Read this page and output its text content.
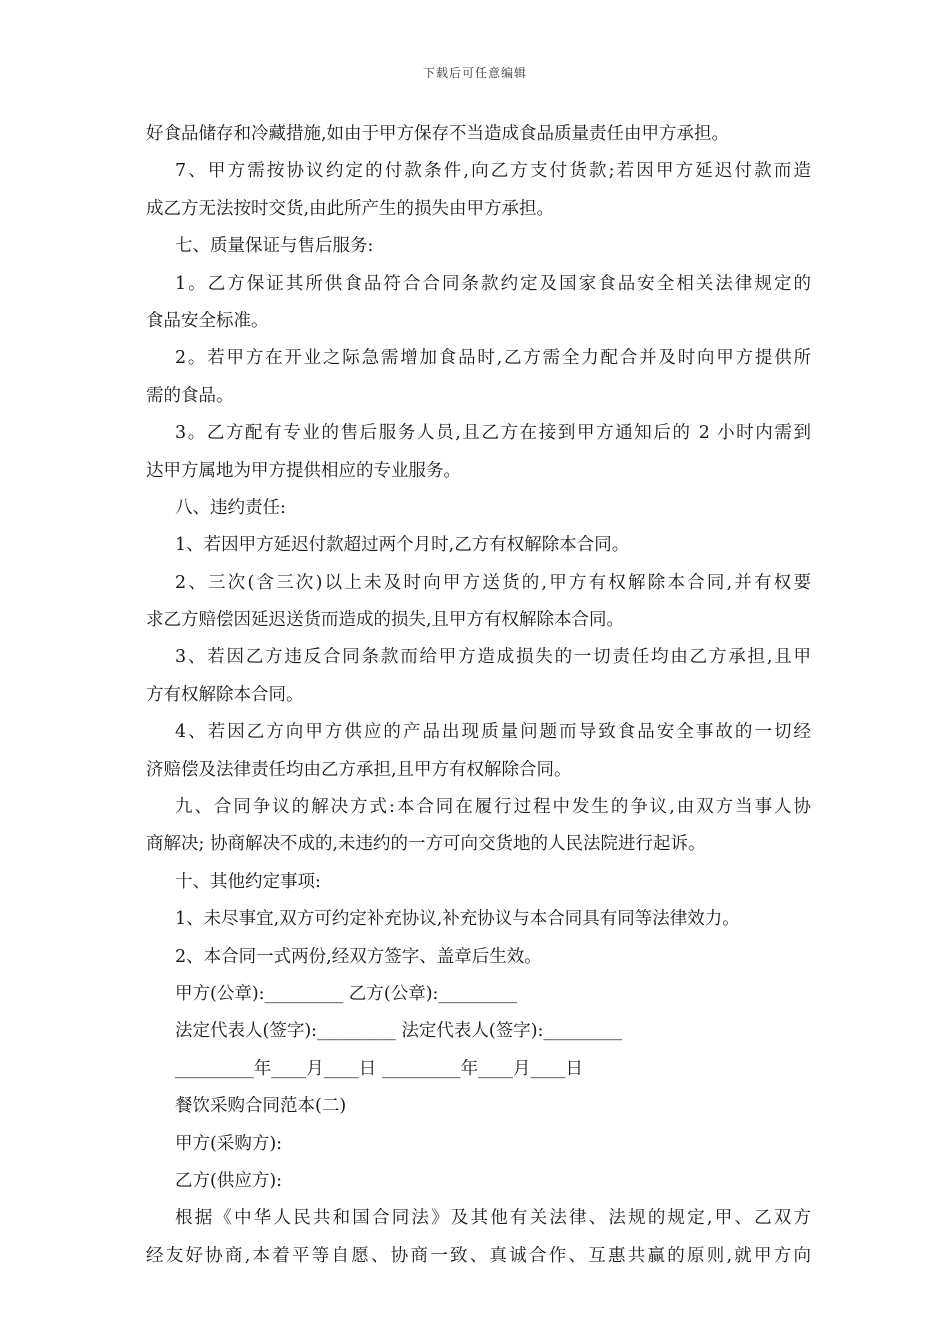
下载后可任意编辑
好食品储存和冷藏措施,如由于甲方保存不当造成食品质量责任由甲方承担。
7、甲方需按协议约定的付款条件,向乙方支付货款;若因甲方延迟付款而造
成乙方无法按时交货,由此所产生的损失由甲方承担。
七、质量保证与售后服务:
1。乙方保证其所供食品符合合同条款约定及国家食品安全相关法律规定的
食品安全标准。
2。若甲方在开业之际急需增加食品时,乙方需全力配合并及时向甲方提供所
需的食品。
3。乙方配有专业的售后服务人员,且乙方在接到甲方通知后的 2 小时内需到
达甲方属地为甲方提供相应的专业服务。
八、违约责任:
1、若因甲方延迟付款超过两个月时,乙方有权解除本合同。
2、三次(含三次)以上未及时向甲方送货的,甲方有权解除本合同,并有权要
求乙方赔偿因延迟送货而造成的损失,且甲方有权解除本合同。
3、若因乙方违反合同条款而给甲方造成损失的一切责任均由乙方承担,且甲
方有权解除本合同。
4、若因乙方向甲方供应的产品出现质量问题而导致食品安全事故的一切经
济赔偿及法律责任均由乙方承担,且甲方有权解除合同。
九、合同争议的解决方式:本合同在履行过程中发生的争议,由双方当事人协
商解决; 协商解决不成的,未违约的一方可向交货地的人民法院进行起诉。
十、其他约定事项:
1、未尽事宜,双方可约定补充协议,补充协议与本合同具有同等法律效力。
2、本合同一式两份,经双方签字、盖章后生效。
甲方(公章):_________ 乙方(公章):_________
法定代表人(签字):_________ 法定代表人(签字):_________
_________年____月____日 _________年____月____日
餐饮采购合同范本(二)
甲方(采购方):
乙方(供应方):
根据《中华人民共和国合同法》及其他有关法律、法规的规定,甲、乙双方
经友好协商,本着平等自愿、协商一致、真诚合作、互惠共赢的原则,就甲方向
